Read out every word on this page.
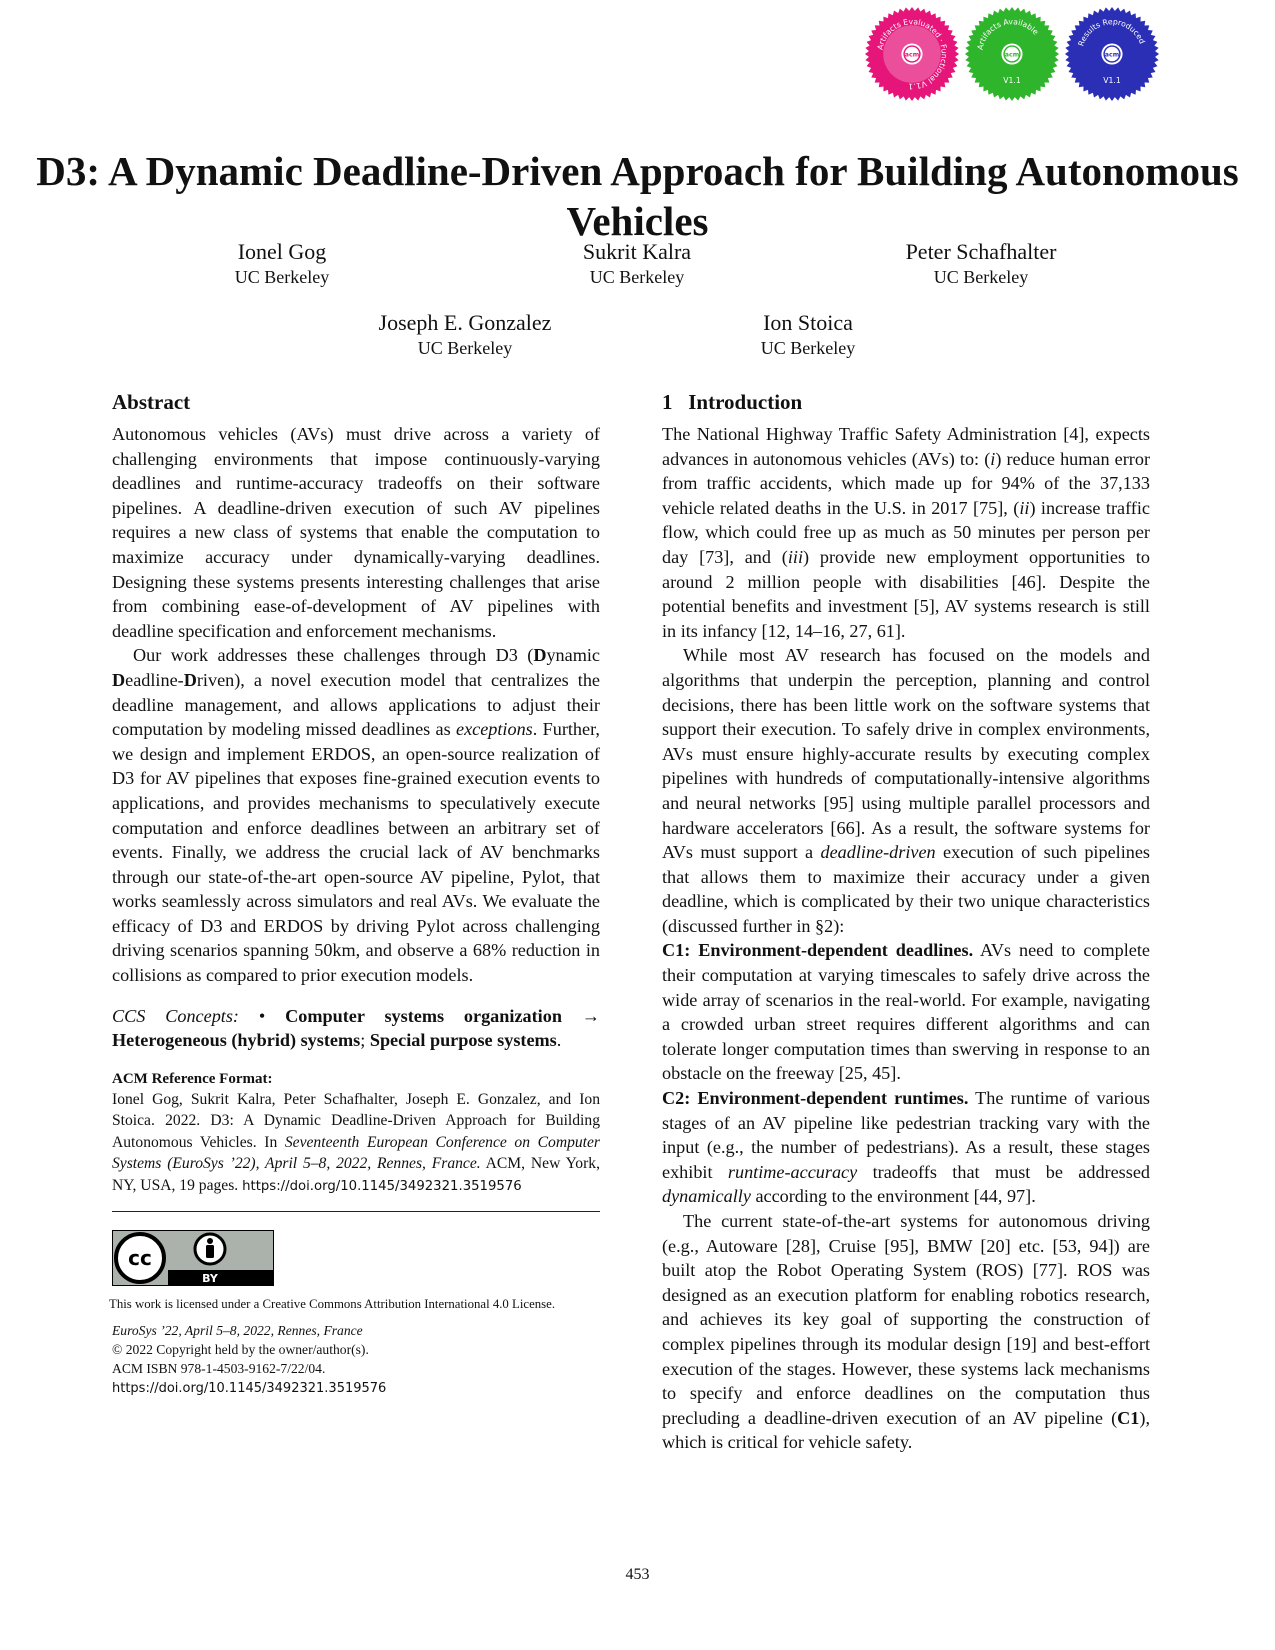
acm
Artifacts Evaluated · Functional V1.1
acm
Artifacts Available
V1.1
acm
Results Reproduced
V1.1
D3: A Dynamic Deadline-Driven Approach for Building Autonomous Vehicles
Ionel Gog
UC Berkeley
Sukrit Kalra
UC Berkeley
Peter Schafhalter
UC Berkeley
Joseph E. Gonzalez
UC Berkeley
Ion Stoica
UC Berkeley
Abstract

Autonomous vehicles (AVs) must drive across a variety of challenging environments that impose continuously-varying deadlines and runtime-accuracy tradeoffs on their software pipelines. A deadline-driven execution of such AV pipelines requires a new class of systems that enable the computation to maximize accuracy under dynamically-varying deadlines. Designing these systems presents interesting challenges that arise from combining ease-of-development of AV pipelines with deadline specification and enforcement mechanisms.

Our work addresses these challenges through D3 (Dynamic Deadline-Driven), a novel execution model that centralizes the deadline management, and allows applications to adjust their computation by modeling missed deadlines as exceptions. Further, we design and implement ERDOS, an open-source realization of D3 for AV pipelines that exposes fine-grained execution events to applications, and provides mechanisms to speculatively execute computation and enforce deadlines between an arbitrary set of events. Finally, we address the crucial lack of AV benchmarks through our state-of-the-art open-source AV pipeline, Pylot, that works seamlessly across simulators and real AVs. We evaluate the efficacy of D3 and ERDOS by driving Pylot across challenging driving scenarios spanning 50km, and observe a 68% reduction in collisions as compared to prior execution models.

CCS Concepts: • Computer systems organization → Heterogeneous (hybrid) systems; Special purpose systems.

ACM Reference Format:

Ionel Gog, Sukrit Kalra, Peter Schafhalter, Joseph E. Gonzalez, and Ion Stoica. 2022. D3: A Dynamic Deadline-Driven Approach for Building Autonomous Vehicles. In Seventeenth European Conference on Computer Systems (EuroSys ’22), April 5–8, 2022, Rennes, France. ACM, New York, NY, USA, 19 pages. https://doi.org/10.1145/3492321.3519576

cc
BY
This work is licensed under a Creative Commons Attribution International 4.0 License.
EuroSys ’22, April 5–8, 2022, Rennes, France
© 2022 Copyright held by the owner/author(s).
ACM ISBN 978-1-4503-9162-7/22/04.
https://doi.org/10.1145/3492321.3519576
1   Introduction

The National Highway Traffic Safety Administration [4], expects advances in autonomous vehicles (AVs) to: (i) reduce human error from traffic accidents, which made up for 94% of the 37,133 vehicle related deaths in the U.S. in 2017 [75], (ii) increase traffic flow, which could free up as much as 50 minutes per person per day [73], and (iii) provide new employment opportunities to around 2 million people with disabilities [46]. Despite the potential benefits and investment [5], AV systems research is still in its infancy [12, 14–16, 27, 61].

While most AV research has focused on the models and algorithms that underpin the perception, planning and control decisions, there has been little work on the software systems that support their execution. To safely drive in complex environments, AVs must ensure highly-accurate results by executing complex pipelines with hundreds of computationally-intensive algorithms and neural networks [95] using multiple parallel processors and hardware accelerators [66]. As a result, the software systems for AVs must support a deadline-driven execution of such pipelines that allows them to maximize their accuracy under a given deadline, which is complicated by their two unique characteristics (discussed further in §2):

C1: Environment-dependent deadlines. AVs need to complete their computation at varying timescales to safely drive across the wide array of scenarios in the real-world. For example, navigating a crowded urban street requires different algorithms and can tolerate longer computation times than swerving in response to an obstacle on the freeway [25, 45].

C2: Environment-dependent runtimes. The runtime of various stages of an AV pipeline like pedestrian tracking vary with the input (e.g., the number of pedestrians). As a result, these stages exhibit runtime-accuracy tradeoffs that must be addressed dynamically according to the environment [44, 97].

The current state-of-the-art systems for autonomous driving (e.g., Autoware [28], Cruise [95], BMW [20] etc. [53, 94]) are built atop the Robot Operating System (ROS) [77]. ROS was designed as an execution platform for enabling robotics research, and achieves its key goal of supporting the construction of complex pipelines through its modular design [19] and best-effort execution of the stages. However, these systems lack mechanisms to specify and enforce deadlines on the computation thus precluding a deadline-driven execution of an AV pipeline (C1), which is critical for vehicle safety.

453
